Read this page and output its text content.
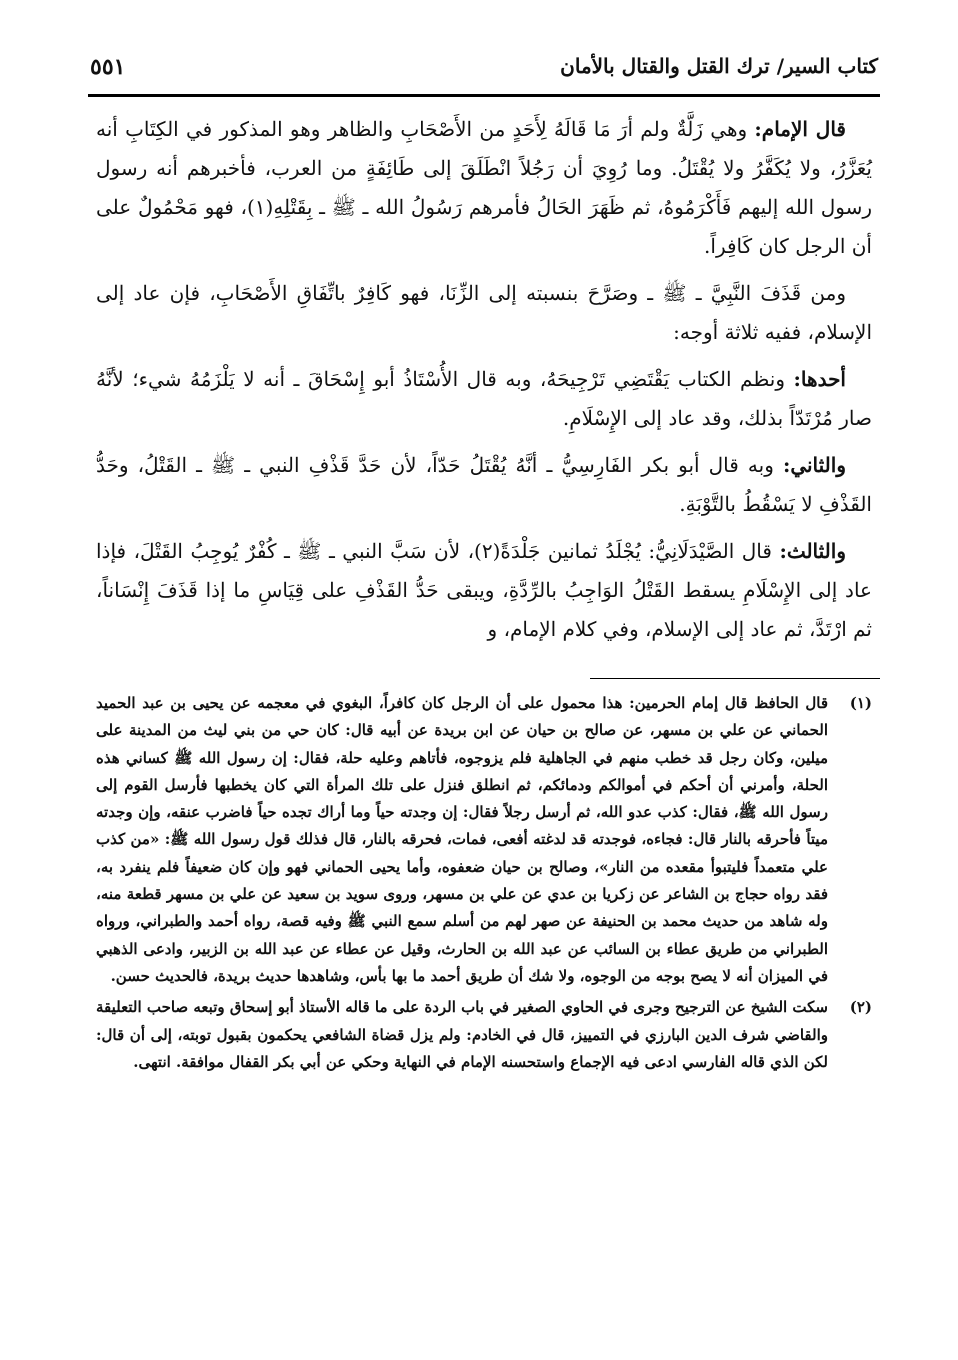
كتاب السير/ ترك القتل والقتال بالأمان
٥٥١

قال الإمام: وهي زَلَّةٌ ولم أرَ مَا قَالَهُ لِأَحَدٍ من الأَصْحَابِ والظاهر وهو المذكور في الكِتَابِ أنه يُعَزَّرُ، ولا يُكَفَّرُ ولا يُقْتَلُ. وما رُوِيَ أن رَجُلاً انْطَلَقَ إلى طَائِفَةٍ من العرب، فأخبرهم أنه رسول رسول الله إليهم فَأَكْرَمُوهُ، ثم ظَهَرَ الحَالُ فأمرهم رَسُولُ الله ـ ﷺ ـ بِقَتْلِهِ(١)، فهو مَحْمُولٌ على أن الرجل كان كَافِراً.

ومن قَذَفَ النَّبِيَّ ـ ﷺ ـ وصَرَّحَ بنسبته إلى الزِّنَا، فهو كَافِرٌ باتِّفَاقِ الأَصْحَابِ، فإن عاد إلى الإسلام، ففيه ثلاثة أوجه:

أحدها: ونظم الكتاب يَقْتَضِي تَرْجِيحَهُ، وبه قال الأُسْتَاذُ أبو إِسْحَاقَ ـ أنه لا يَلْزَمُهُ شيء؛ لأنَّهُ صار مُرْتَدّاً بذلك، وقد عاد إلى الإِسْلَامِ.

والثاني: وبه قال أبو بكر الفَارِسِيُّ ـ أنَّهُ يُقْتَلُ حَدّاً، لأن حَدَّ قَذْفِ النبي ـ ﷺ ـ القَتْلُ، وحَدُّ القَذْفِ لا يَسْقُطُ بالتَّوْبَةِ.

والثالث: قال الصَّيْدَلَانِيُّ: يُجْلَدُ ثمانين جَلْدَةً(٢)، لأن سَبَّ النبي ـ ﷺ ـ كُفْرٌ يُوجِبُ القَتْلَ، فإذا عاد إلى الإِسْلَامِ يسقط القَتْلُ الوَاجِبُ بالرِّدَّةِ، ويبقى حَدُّ القَذْفِ على قِيَاسِ ما إذا قَذَفَ إِنْسَاناً، ثم ارْتَدَّ، ثم عاد إلى الإسلام، وفي كلام الإمام، و

(١)
قال الحافظ قال إمام الحرمين: هذا محمول على أن الرجل كان كافراً، البغوي في معجمه عن يحيى بن عبد الحميد الحماني عن علي بن مسهر، عن صالح بن حيان عن ابن بريدة عن أبيه قال: كان حي من بني ليث من المدينة على ميلين، وكان رجل قد خطب منهم في الجاهلية فلم يزوجوه، فأتاهم وعليه حلة، فقال: إن رسول الله ﷺ كساني هذه الحلة، وأمرني أن أحكم في أموالكم ودمائكم، ثم انطلق فنزل على تلك المرأة التي كان يخطبها فأرسل القوم إلى رسول الله ﷺ، فقال: كذب عدو الله، ثم أرسل رجلاً فقال: إن وجدته حياً وما أراك تجده حياً فاضرب عنقه، وإن وجدته ميتاً فأحرقه بالنار قال: فجاءه، فوجدته قد لدغته أفعى، فمات، فحرقه بالنار، قال فذلك قول رسول الله ﷺ: «من كذب علي متعمداً فليتبوأ مقعده من النار»، وصالح بن حيان ضعفوه، وأما يحيى الحماني فهو وإن كان ضعيفاً فلم ينفرد به، فقد رواه حجاج بن الشاعر عن زكريا بن عدي عن علي بن مسهر، وروى سويد بن سعيد عن علي بن مسهر قطعة منه، وله شاهد من حديث محمد بن الحنيفة عن صهر لهم من أسلم سمع النبي ﷺ وفيه قصة، رواه أحمد والطبراني، ورواه الطبراني من طريق عطاء بن السائب عن عبد الله بن الحارث، وقيل عن عطاء عن عبد الله بن الزبير، وادعى الذهبي في الميزان أنه لا يصح بوجه من الوجوه، ولا شك أن طريق أحمد ما بها بأس، وشاهدها حديث بريدة، فالحديث حسن.
(٢)
سكت الشيخ عن الترجيح وجرى في الحاوي الصغير في باب الردة على ما قاله الأستاذ أبو إسحاق وتبعه صاحب التعليقة والقاضي شرف الدين البارزي في التمييز، قال في الخادم: ولم يزل قضاة الشافعي يحكمون بقبول توبته، إلى أن قال: لكن الذي قاله الفارسي ادعى فيه الإجماع واستحسنه الإمام في النهاية وحكي عن أبي بكر القفال موافقة. انتهى.
